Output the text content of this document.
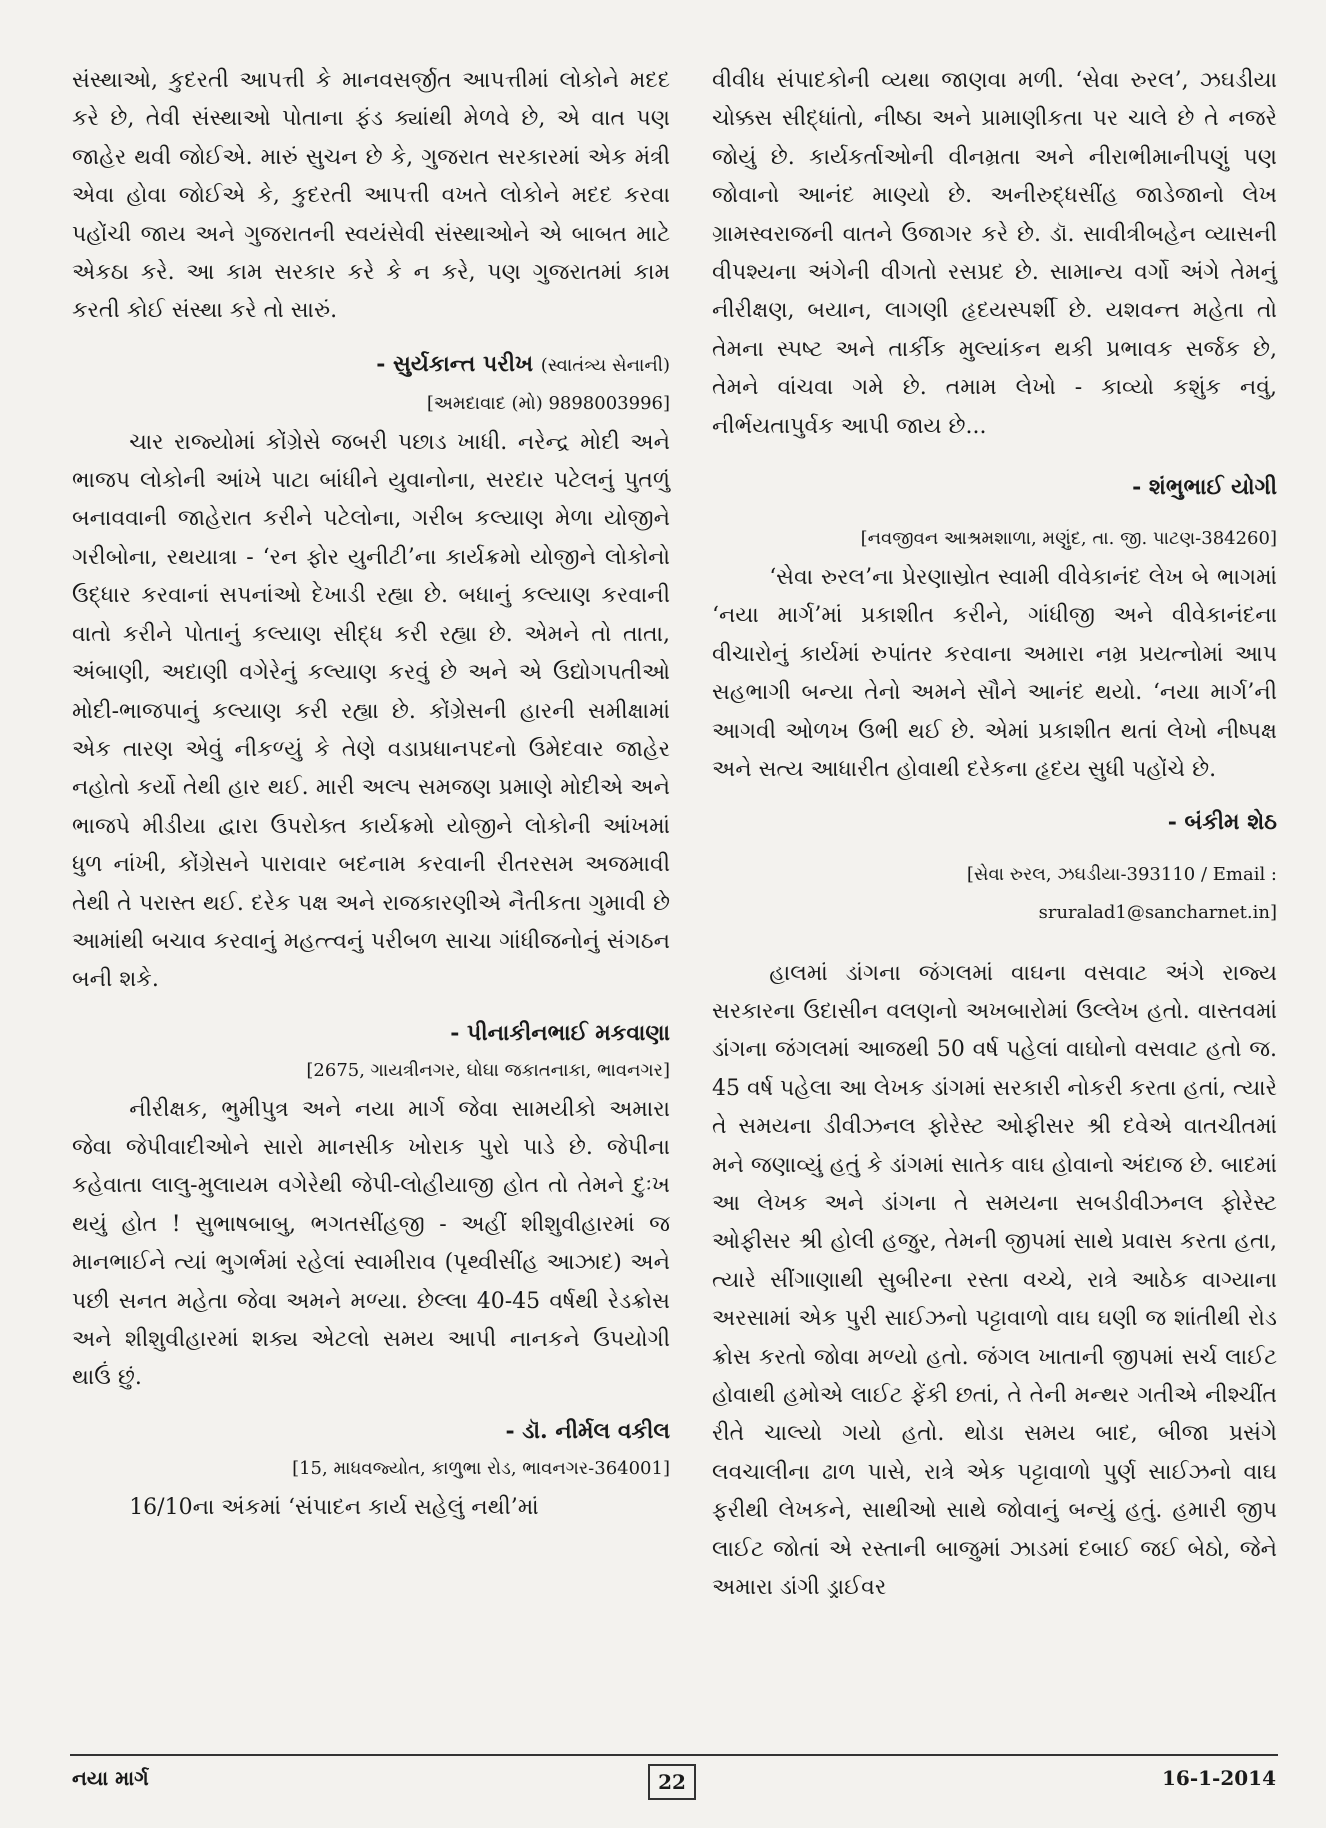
સંસ્થાઓ, કુદરતી આપત્તી કે માનવસર્જીત આપત્તીમાં લોકોને મદદ કરે છે, તેવી સંસ્થાઓ પોતાના ફંડ ક્યાંથી મેળવે છે, એ વાત પણ જાહેર થવી જોઈએ. મારું સુચન છે કે, ગુજરાત સરકારમાં એક મંત્રી એવા હોવા જોઈએ કે, કુદરતી આપત્તી વખતે લોકોને મદદ કરવા પહોંચી જાય અને ગુજરાતની સ્વયંસેવી સંસ્થાઓને એ બાબત માટે એકઠા કરે. આ કામ સરકાર કરે કે ન કરે, પણ ગુજરાતમાં કામ કરતી કોઈ સંસ્થા કરે તો સારું.

- સુર્યકાન્ત પરીખ (સ્વાતંત્ર્ય સેનાની)

[અમદાવાદ (મો) 9898003996]

ચાર રાજ્યોમાં કોંગ્રેસે જબરી પછાડ ખાધી. નરેન્દ્ર મોદી અને ભાજપ લોકોની આંખે પાટા બાંધીને યુવાનોના, સરદાર પટેલનું પુતળું બનાવવાની જાહેરાત કરીને પટેલોના, ગરીબ કલ્યાણ મેળા યોજીને ગરીબોના, રથયાત્રા - ‘રન ફોર યુનીટી’ના કાર્યક્રમો યોજીને લોકોનો ઉદ્ધાર કરવાનાં સપનાંઓ દેખાડી રહ્યા છે. બધાનું કલ્યાણ કરવાની વાતો કરીને પોતાનું કલ્યાણ સીદ્ધ કરી રહ્યા છે. એમને તો તાતા, અંબાણી, અદાણી વગેરેનું કલ્યાણ કરવું છે અને એ ઉદ્યોગપતીઓ મોદી-ભાજપાનું કલ્યાણ કરી રહ્યા છે. કોંગ્રેસની હારની સમીક્ષામાં એક તારણ એવું નીકળ્યું કે તેણે વડાપ્રધાનપદનો ઉમેદવાર જાહેર નહોતો કર્યો તેથી હાર થઈ. મારી અલ્પ સમજણ પ્રમાણે મોદીએ અને ભાજપે મીડીયા દ્વારા ઉપરોક્ત કાર્યક્રમો યોજીને લોકોની આંખમાં ધુળ નાંખી, કોંગ્રેસને પારાવાર બદનામ કરવાની રીતરસમ અજમાવી તેથી તે પરાસ્ત થઈ. દરેક પક્ષ અને રાજકારણીએ નૈતીકતા ગુમાવી છે આમાંથી બચાવ કરવાનું મહત્ત્વનું પરીબળ સાચા ગાંધીજનોનું સંગઠન બની શકે.

- પીનાકીનભાઈ મકવાણા

[2675, ગાયત્રીનગર, ઘોઘા જકાતનાકા, ભાવનગર]

નીરીક્ષક, ભુમીપુત્ર અને નયા માર્ગ જેવા સામયીકો અમારા જેવા જેપીવાદીઓને સારો માનસીક ખોરાક પુરો પાડે છે. જેપીના કહેવાતા લાલુ-મુલાયમ વગેરેથી જેપી-લોહીયાજી હોત તો તેમને દુઃખ થયું હોત ! સુભાષબાબુ, ભગતસીંહજી - અહીં શીશુવીહારમાં જ માનભાઈને ત્યાં ભુગર્ભમાં રહેલાં સ્વામીરાવ (પૃથ્વીસીંહ આઝાદ) અને પછી સનત મહેતા જેવા અમને મળ્યા. છેલ્લા 40-45 વર્ષથી રેડક્રોસ અને શીશુવીહારમાં શક્ય એટલો સમય આપી નાનકને ઉપયોગી થાઉં છું.

- ડૉ. નીર્મલ વકીલ

[15, માધવજ્યોત, કાળુભા રોડ, ભાવનગર-364001]

16/10ના અંકમાં ‘સંપાદન કાર્ય સહેલું નથી’માં

વીવીધ સંપાદકોની વ્યથા જાણવા મળી. ‘સેવા રુરલ’, ઝઘડીયા ચોક્કસ સીદ્ધાંતો, નીષ્ઠા અને પ્રામાણીકતા પર ચાલે છે તે નજરે જોયું છે. કાર્યકર્તાઓની વીનમ્રતા અને નીરાભીમાનીપણું પણ જોવાનો આનંદ માણ્યો છે. અનીરુદ્ધસીંહ જાડેજાનો લેખ ગ્રામસ્વરાજની વાતને ઉજાગર કરે છે. ડૉ. સાવીત્રીબહેન વ્યાસની વીપશ્યના અંગેની વીગતો રસપ્રદ છે. સામાન્ય વર્ગો અંગે તેમનું નીરીક્ષણ, બયાન, લાગણી હૃદયસ્પર્શી છે. યશવન્ત મહેતા તો તેમના સ્પષ્ટ અને તાર્કીક મુલ્યાંકન થકી પ્રભાવક સર્જક છે, તેમને વાંચવા ગમે છે. તમામ લેખો - કાવ્યો કશુંક નવું, નીર્ભયતાપુર્વક આપી જાય છે...

- શંભુભાઈ યોગી

[નવજીવન આશ્રમશાળા, મણુંદ, તા. જી. પાટણ-384260]

‘સેવા રુરલ’ના પ્રેરણાસ્રોત સ્વામી વીવેકાનંદ લેખ બે ભાગમાં ‘નયા માર્ગ’માં પ્રકાશીત કરીને, ગાંધીજી અને વીવેકાનંદના વીચારોનું કાર્યમાં રુપાંતર કરવાના અમારા નમ્ર પ્રયત્નોમાં આપ સહભાગી બન્યા તેનો અમને સૌને આનંદ થયો. ‘નયા માર્ગ’ની આગવી ઓળખ ઉભી થઈ છે. એમાં પ્રકાશીત થતાં લેખો નીષ્પક્ષ અને સત્ય આધારીત હોવાથી દરેકના હૃદય સુધી પહોંચે છે.

- બંકીમ શેઠ

[સેવા રુરલ, ઝઘડીયા-393110 / Email :

sruralad1@sancharnet.in]

હાલમાં ડાંગના જંગલમાં વાઘના વસવાટ અંગે રાજ્ય સરકારના ઉદાસીન વલણનો અખબારોમાં ઉલ્લેખ હતો. વાસ્તવમાં ડાંગના જંગલમાં આજથી 50 વર્ષ પહેલાં વાઘોનો વસવાટ હતો જ. 45 વર્ષ પહેલા આ લેખક ડાંગમાં સરકારી નોકરી કરતા હતાં, ત્યારે તે સમયના ડીવીઝનલ ફોરેસ્ટ ઓફીસર શ્રી દવેએ વાતચીતમાં મને જણાવ્યું હતું કે ડાંગમાં સાતેક વાઘ હોવાનો અંદાજ છે. બાદમાં આ લેખક અને ડાંગના તે સમયના સબડીવીઝનલ ફોરેસ્ટ ઓફીસર શ્રી હોલી હજુર, તેમની જીપમાં સાથે પ્રવાસ કરતા હતા, ત્યારે સીંગાણાથી સુબીરના રસ્તા વચ્ચે, રાત્રે આઠેક વાગ્યાના અરસામાં એક પુરી સાઈઝનો પટ્ટાવાળો વાઘ ઘણી જ શાંતીથી રોડ ક્રોસ કરતો જોવા મળ્યો હતો. જંગલ ખાતાની જીપમાં સર્ચ લાઈટ હોવાથી હમોએ લાઈટ ફેંકી છતાં, તે તેની મન્થર ગતીએ નીશ્ચીંત રીતે ચાલ્યો ગયો હતો. થોડા સમય બાદ, બીજા પ્રસંગે લવચાલીના ઢાળ પાસે, રાત્રે એક પટ્ટાવાળો પુર્ણ સાઈઝનો વાઘ ફરીથી લેખકને, સાથીઓ સાથે જોવાનું બન્યું હતું. હમારી જીપ લાઈટ જોતાં એ રસ્તાની બાજુમાં ઝાડમાં દબાઈ જઈ બેઠો, જેને અમારા ડાંગી ડ્રાઈવર

નયા માર્ગ	22	16-1-2014
